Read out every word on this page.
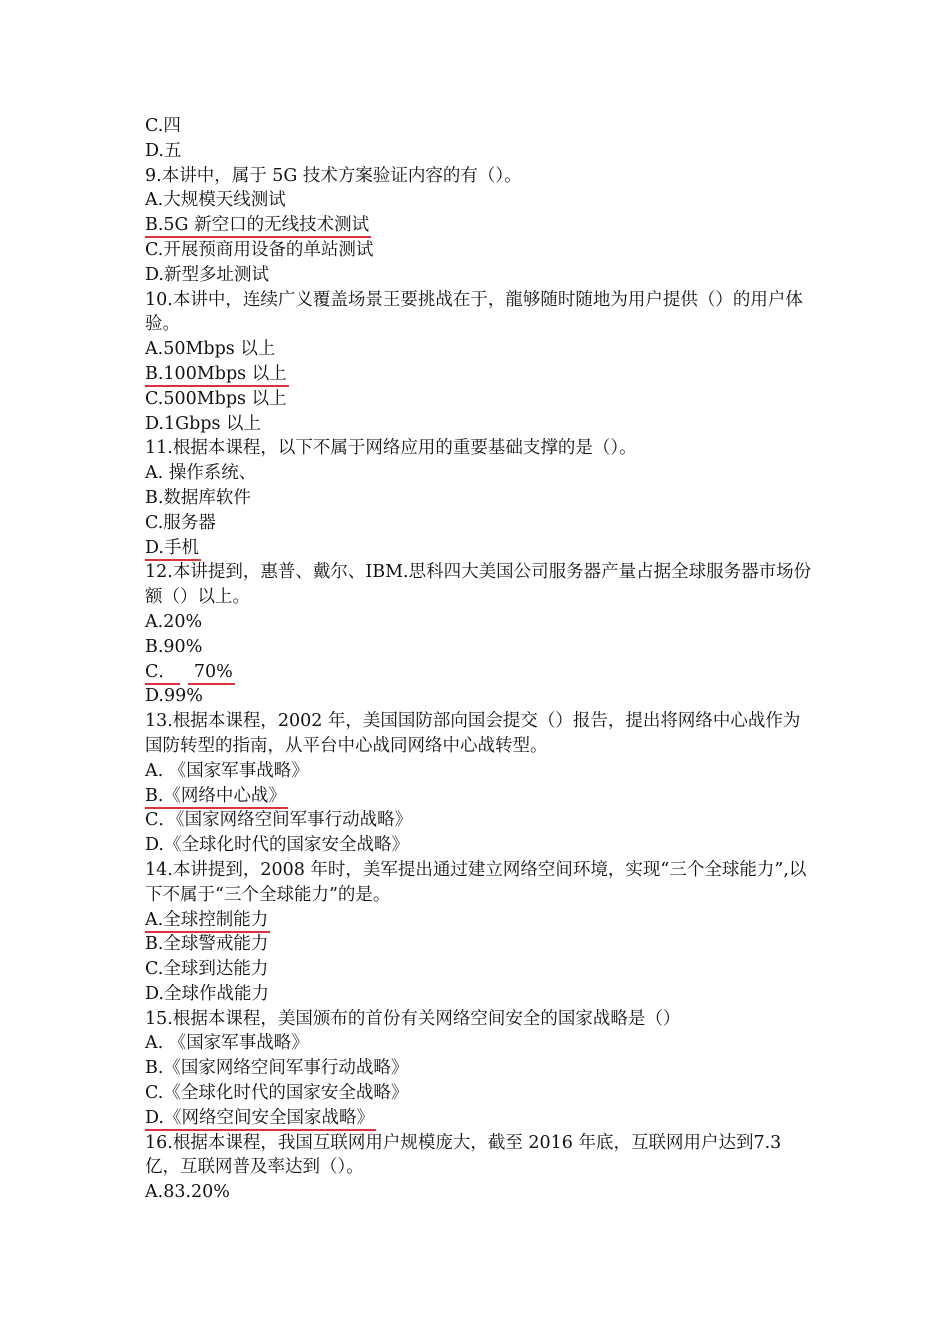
C.四
D.五
9.本讲中，属于 5G 技术方案验证内容的有（）。
A.大规模天线测试
B.5G 新空口的无线技术测试
C.开展预商用设备的单站测试
D.新型多址测试
10.本讲中，连续广义覆盖场景王要挑战在于，龍够随时随地为用户提供（）的用户体验。
A.50Mbps 以上
B.100Mbps 以上
C.500Mbps 以上
D.1Gbps 以上
11.根据本课程，以下不属于网络应用的重要基础支撑的是（）。
A. 操作系统、
B.数据库软件
C.服务器
D.手机
12.本讲提到，惠普、戴尔、IBM.思科四大美国公司服务器产量占据全球服务器市场份额（）以上。
A.20%
B.90%
C． 70%
D.99%
13.根据本课程，2002 年，美国国防部向国会提交（）报告，提出将网络中心战作为国防转型的指南，从平台中心战同网络中心战转型。
A. 《国家军事战略》
B.《网络中心战》
C．《国家网络空间军事行动战略》
D.《全球化时代的国家安全战略》
14.本讲提到，2008 年时，美军提出通过建立网络空间环境，实现“三个全球能力”,以下不属于“三个全球能力”的是。
A.全球控制能力
B.全球警戒能力
C.全球到达能力
D.全球作战能力
15.根据本课程，美国颁布的首份有关网络空间安全的国家战略是（）
A. 《国家军事战略》
B.《国家网络空间军事行动战略》
C.《全球化时代的国家安全战略》
D.《网络空间安全国家战略》
16.根据本课程，我国互联网用户规模庞大，截至 2016 年底，互联网用户达到7.3 亿，互联网普及率达到（）。
A.83.20%
